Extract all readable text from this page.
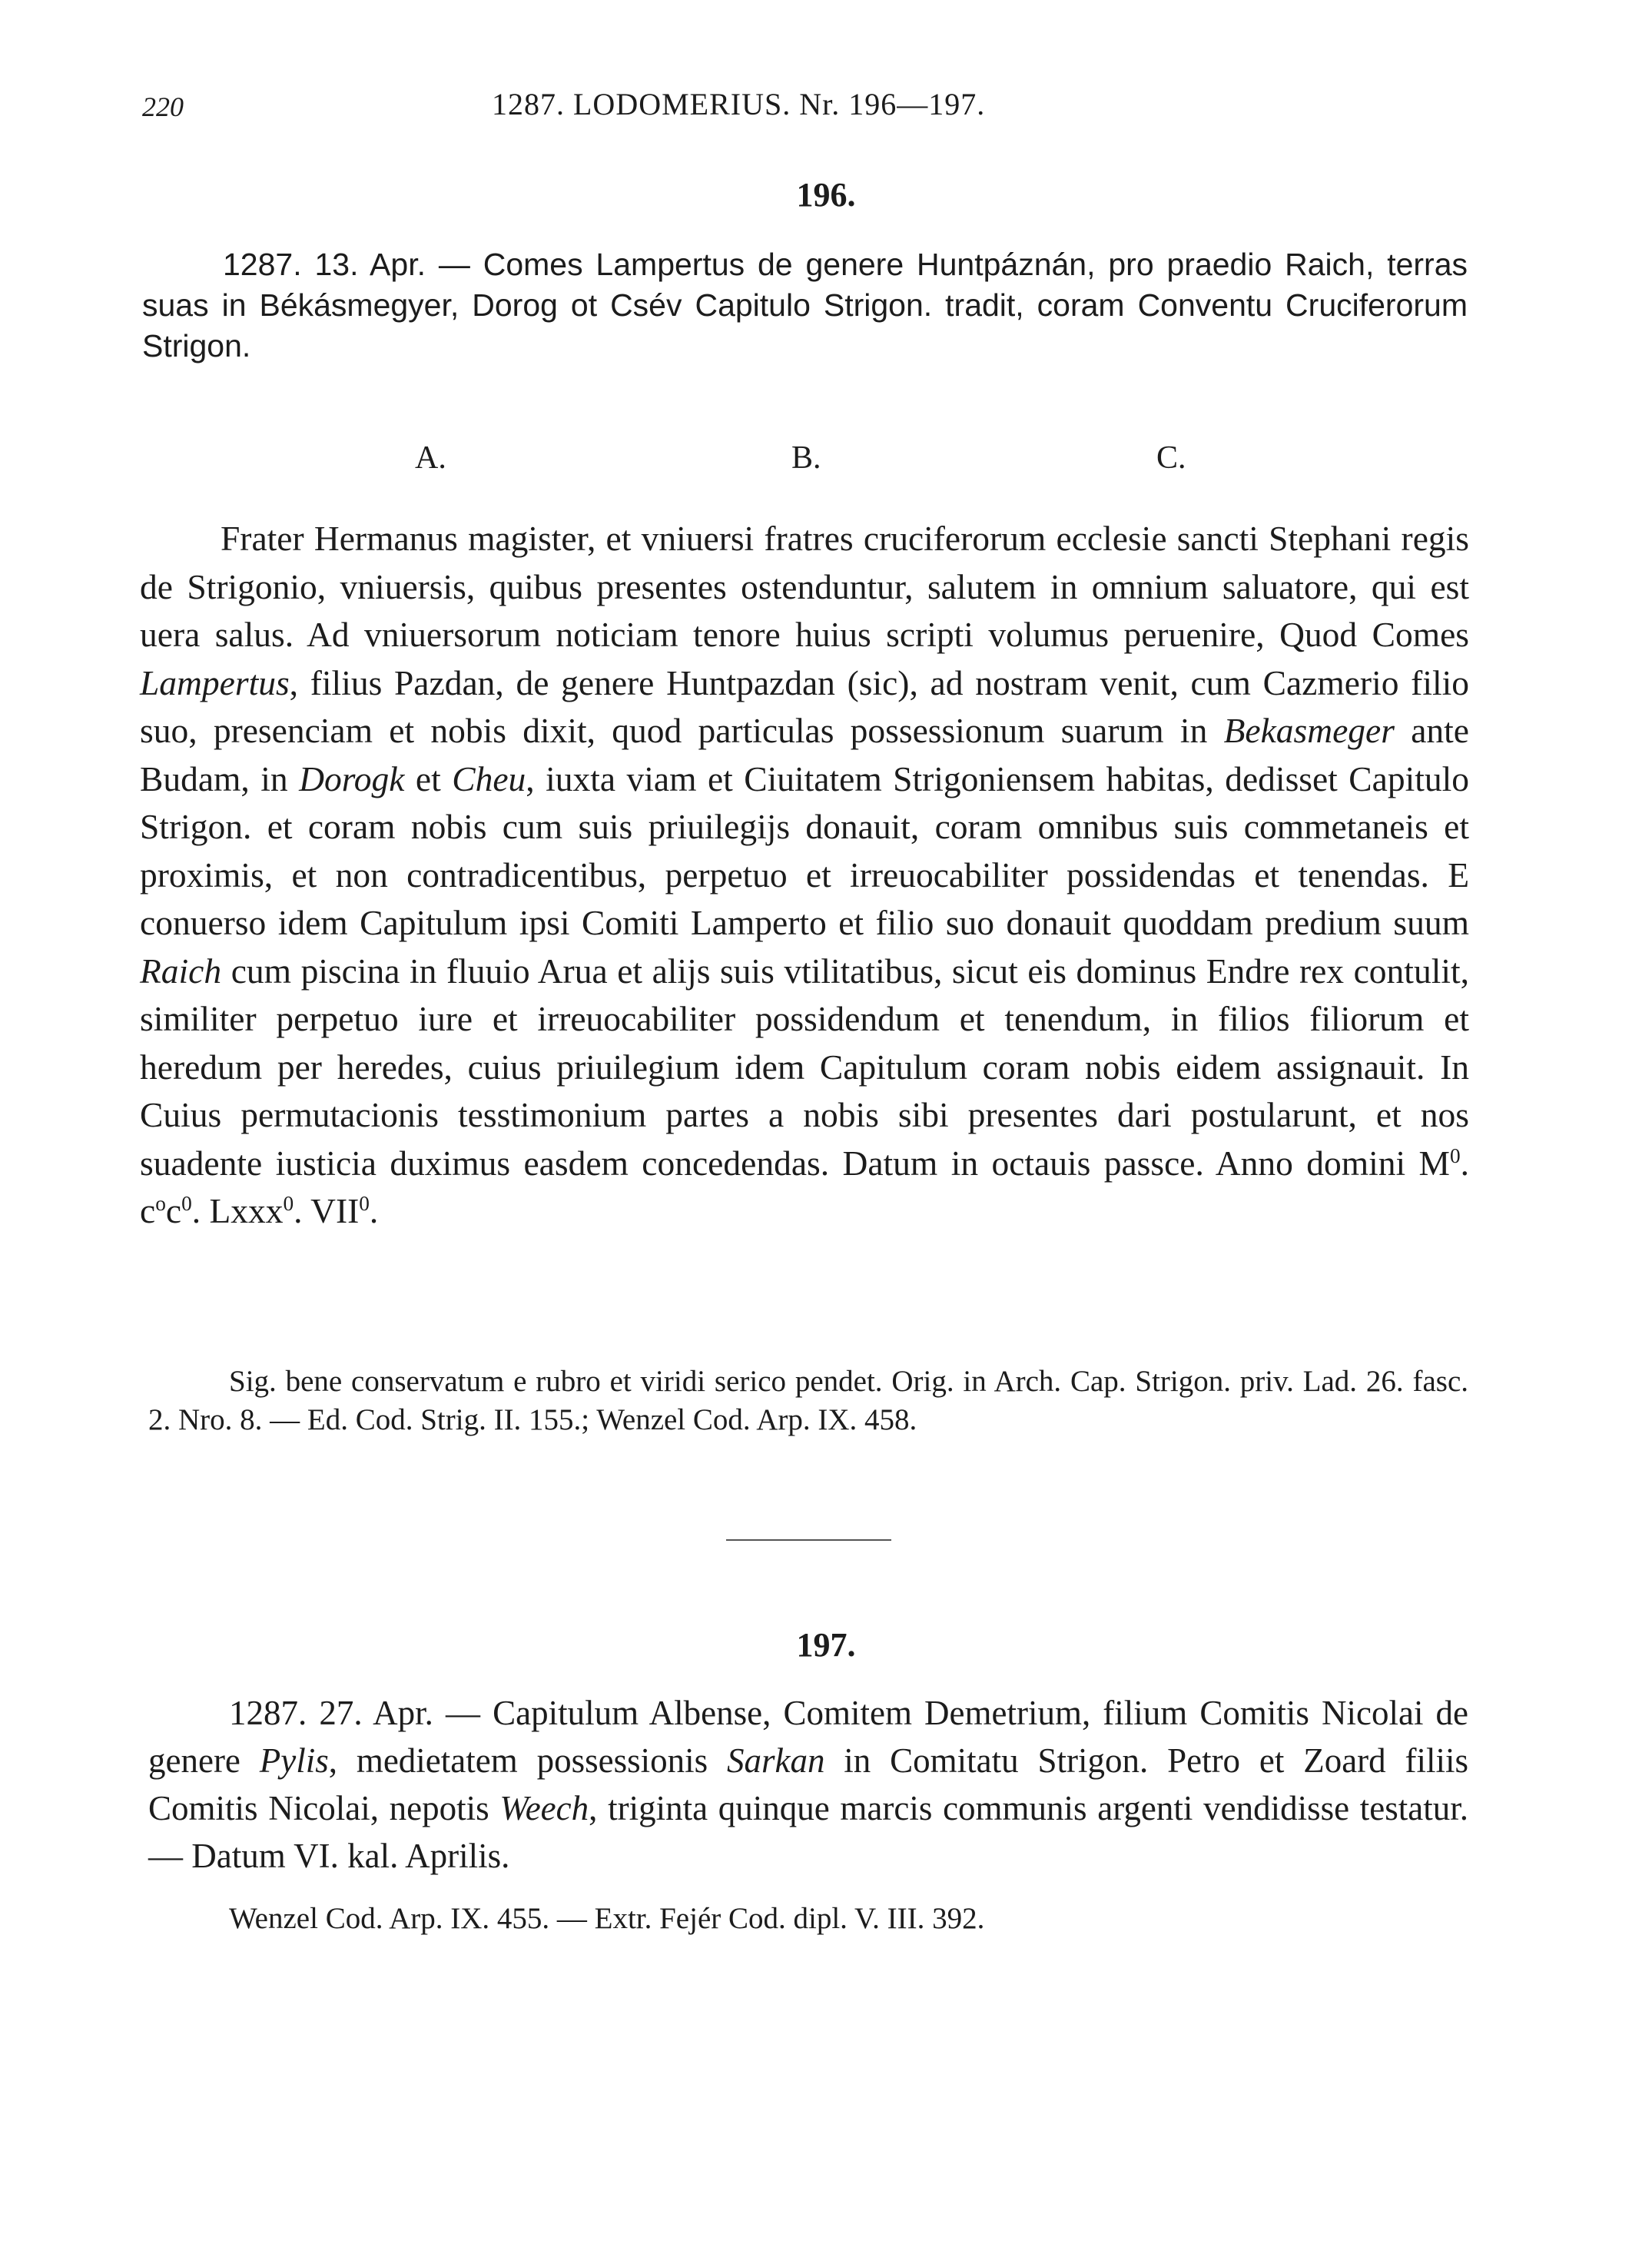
220	1287. LODOMERIUS. Nr. 196—197.
196.

1287. 13. Apr. — Comes Lampertus de genere Huntpáznán, pro praedio Raich, terras suas in Békásmegyer, Dorog ot Csév Capitulo Strigon. tradit, coram Conventu Cruciferorum Strigon.

A.	B.	C.

Frater Hermanus magister, et vniuersi fratres cruciferorum ecclesie sancti Stephani regis de Strigonio, vniuersis, quibus presentes ostenduntur, salutem in omnium saluatore, qui est uera salus. Ad vniuersorum noticiam tenore huius scripti volumus peruenire, Quod Comes Lampertus, filius Pazdan, de genere Huntpazdan (sic), ad nostram venit, cum Cazmerio filio suo, presenciam et nobis dixit, quod particulas possessionum suarum in Bekasmeger ante Budam, in Dorogk et Cheu, iuxta viam et Ciuitatem Strigoniensem habitas, dedisset Capitulo Strigon. et coram nobis cum suis priuilegijs donauit, coram omnibus suis commetaneis et proximis, et non contradicentibus, perpetuo et irreuocabiliter possidendas et tenendas. E conuerso idem Capitulum ipsi Comiti Lamperto et filio suo donauit quoddam predium suum Raich cum piscina in fluuio Arua et alijs suis vtilitatibus, sicut eis dominus Endre rex contulit, similiter perpetuo iure et irreuocabiliter possidendum et tenendum, in filios filiorum et heredum per heredes, cuius priuilegium idem Capitulum coram nobis eidem assignauit. In Cuius permutacionis tesstimonium partes a nobis sibi presentes dari postularunt, et nos suadente iusticia duximus easdem concedendas. Datum in octauis passce. Anno domini $M^0$. $c^oc^0$. Lxxx$^0$. VII$^0$.

Sig. bene conservatum e rubro et viridi serico pendet. Orig. in Arch. Cap. Strigon. priv. Lad. 26. fasc. 2. Nro. 8. — Ed. Cod. Strig. II. 155.; Wenzel Cod. Arp. IX. 458.

197.

1287. 27. Apr. — Capitulum Albense, Comitem Demetrium, filium Comitis Nicolai de genere Pylis, medietatem possessionis Sarkan in Comitatu Strigon. Petro et Zoard filiis Comitis Nicolai, nepotis Weech, triginta quinque marcis communis argenti vendidisse testatur. — Datum VI. kal. Aprilis.

Wenzel Cod. Arp. IX. 455. — Extr. Fejér Cod. dipl. V. III. 392.
